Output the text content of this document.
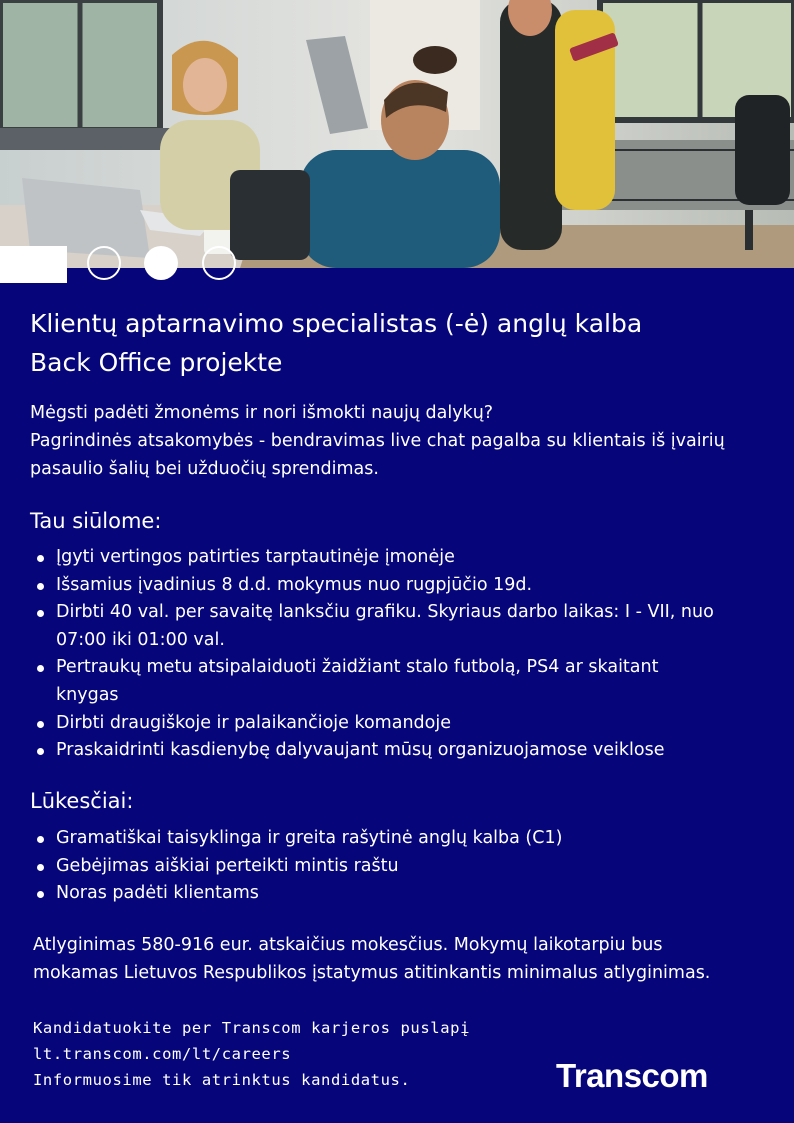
Klientų aptarnavimo specialistas (-ė) anglų kalba
Back Office projekte
Mėgsti padėti žmonėms ir nori išmokti naujų dalykų?
Pagrindinės atsakomybės - bendravimas live chat pagalba su klientais iš įvairių
pasaulio šalių bei užduočių sprendimas.
Tau siūlome:
Įgyti vertingos patirties tarptautinėje įmonėje
Išsamius įvadinius 8 d.d. mokymus nuo rugpjūčio 19d.
Dirbti 40 val. per savaitę lanksčiu grafiku. Skyriaus darbo laikas: I - VII, nuo 07:00 iki 01:00 val.
Pertraukų metu atsipalaiduoti žaidžiant stalo futbolą, PS4 ar skaitant knygas
Dirbti draugiškoje ir palaikančioje komandoje
Praskaidrinti kasdienybę dalyvaujant mūsų organizuojamose veiklose
Lūkesčiai:
Gramatiškai taisyklinga ir greita rašytinė anglų kalba (C1)
Gebėjimas aiškiai perteikti mintis raštu
Noras padėti klientams
Atlyginimas 580-916 eur. atskaičius mokesčius. Mokymų laikotarpiu bus
mokamas Lietuvos Respublikos įstatymus atitinkantis minimalus atlyginimas.
Kandidatuokite per Transcom karjeros puslapį
lt.transcom.com/lt/careers
Informuosime tik atrinktus kandidatus.	Transcom
